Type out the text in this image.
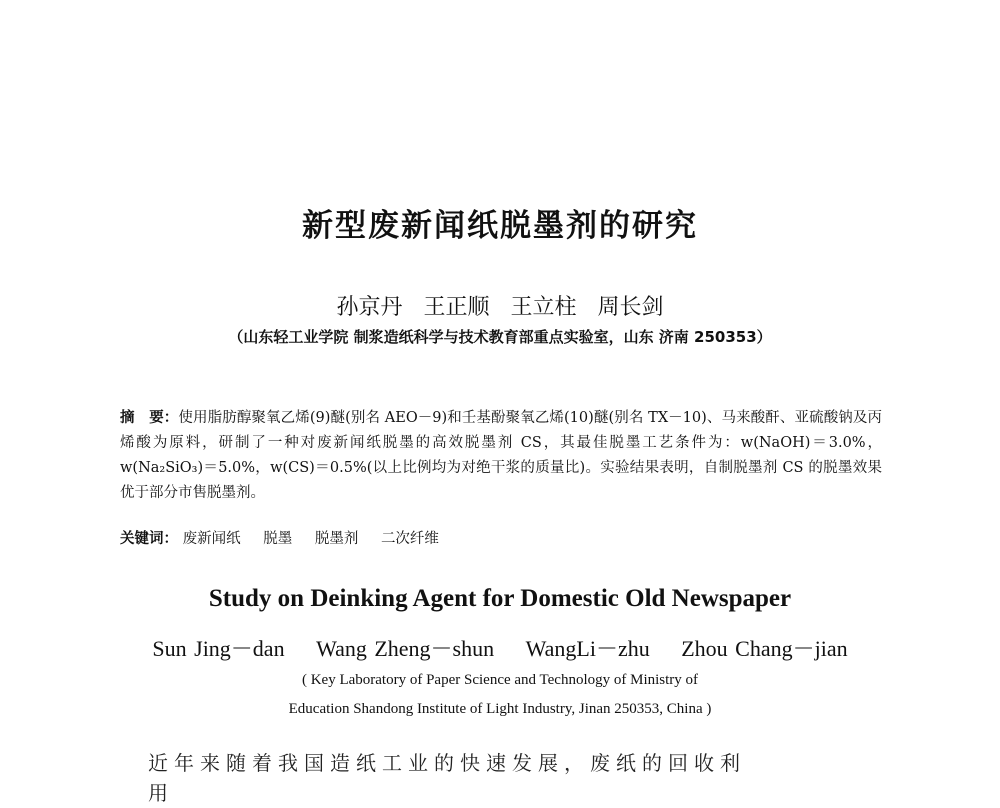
新型废新闻纸脱墨剂的研究
孙京丹 王正顺 王立柱 周长剑
（山东轻工业学院 制浆造纸科学与技术教育部重点实验室，山东 济南 250353）
摘　要：使用脂肪醇聚氧乙烯(9)醚(别名 AEO－9)和壬基酚聚氧乙烯(10)醚(别名 TX－10)、马来酸酐、亚硫酸钠及丙烯酸为原料，研制了一种对废新闻纸脱墨的高效脱墨剂 CS，其最佳脱墨工艺条件为：w(NaOH)＝3.0%，w(Na₂SiO₃)＝5.0%，w(CS)＝0.5%(以上比例均为对绝干浆的质量比)。实验结果表明，自制脱墨剂 CS 的脱墨效果优于部分市售脱墨剂。
关键词： 废新闻纸 脱墨 脱墨剂 二次纤维
Study on Deinking Agent for Domestic Old Newspaper
Sun Jing－dan Wang Zheng－shun WangLi－zhu Zhou Chang－jian
( Key Laboratory of Paper Science and Technology of Ministry of
Education Shandong Institute of Light Industry, Jinan 250353, China )
近年来随着我国造纸工业的快速发展，废纸的回收利用
